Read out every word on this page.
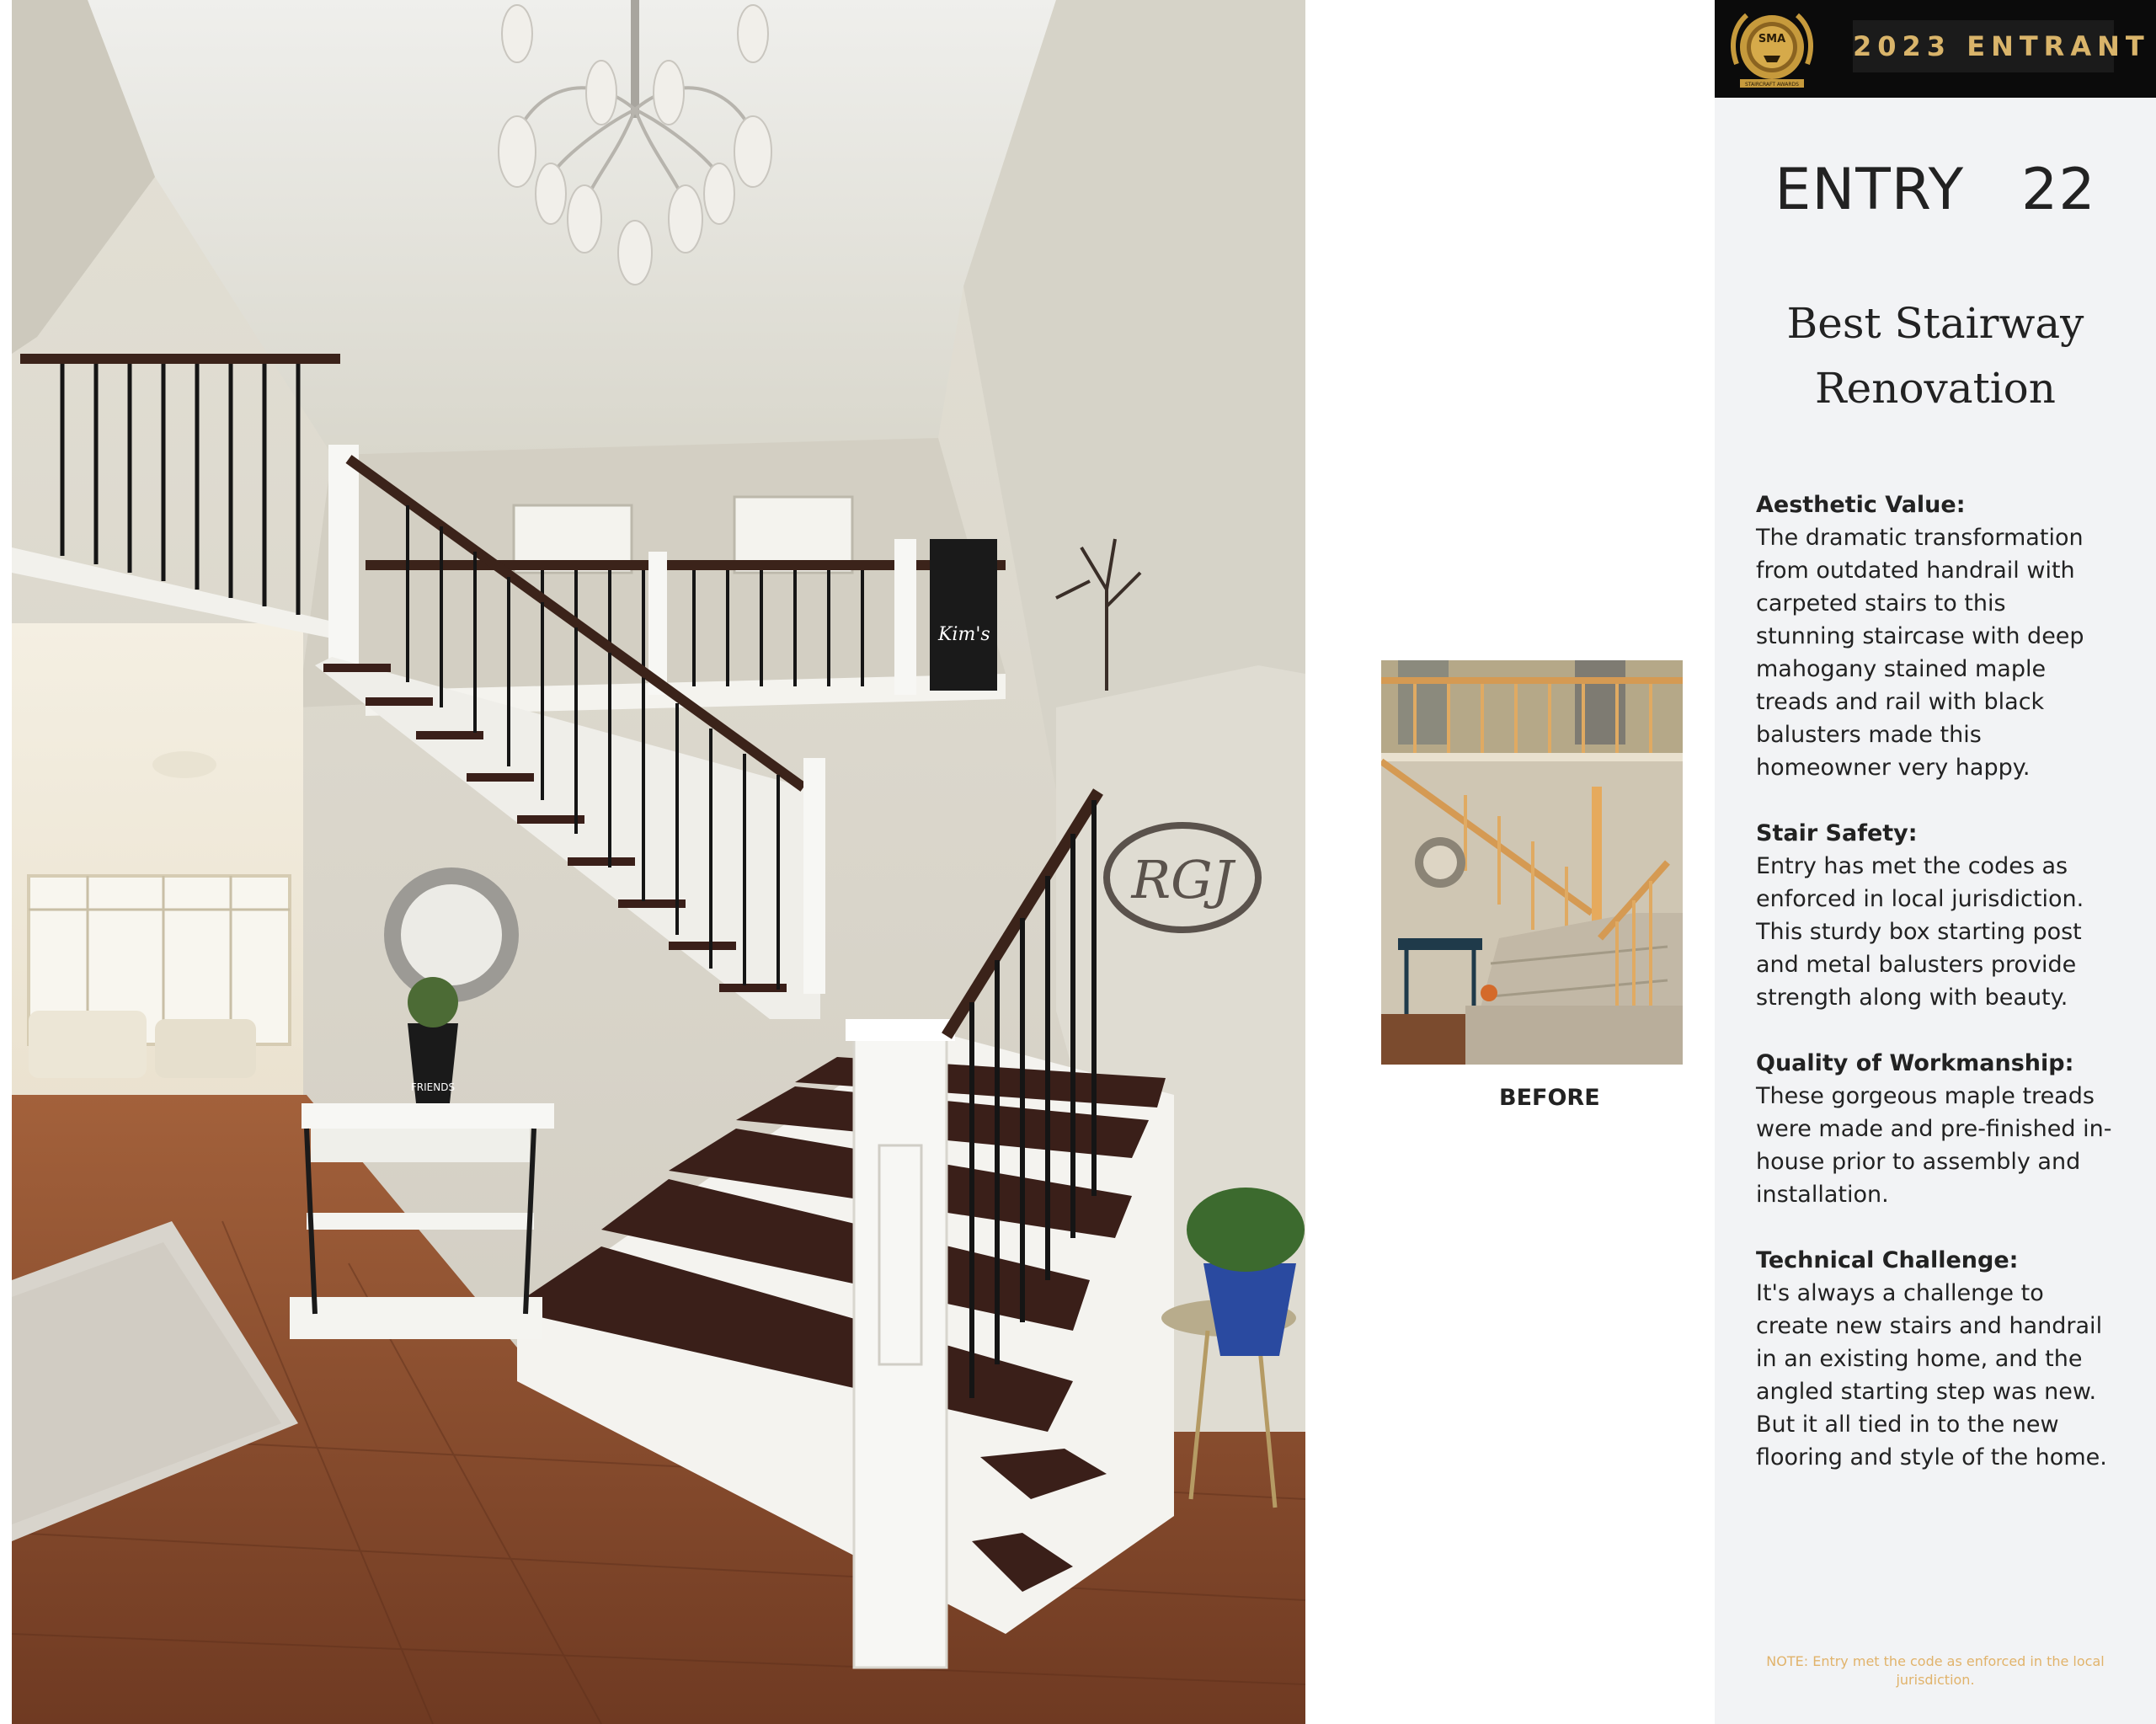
Kim's
RGJ
FRIENDS	BEFORE
SMA
STAIRCRAFT AWARDS
2023 ENTRANT
ENTRY   22
Best Stairway
Renovation
Aesthetic Value:
The dramatic transformation
from outdated handrail with
carpeted stairs to this
stunning staircase with deep
mahogany stained maple
treads and rail with black
balusters made this
homeowner very happy.
Stair Safety:
Entry has met the codes as
enforced in local jurisdiction.
This sturdy box starting post
and metal balusters provide
strength along with beauty.
Quality of Workmanship:
These gorgeous maple treads
were made and pre-finished in-
house prior to assembly and
installation.
Technical Challenge:
It's always a challenge to
create new stairs and handrail
in an existing home, and the
angled starting step was new.
But it all tied in to the new
flooring and style of the home.
NOTE: Entry met the code as enforced in the local jurisdiction.
